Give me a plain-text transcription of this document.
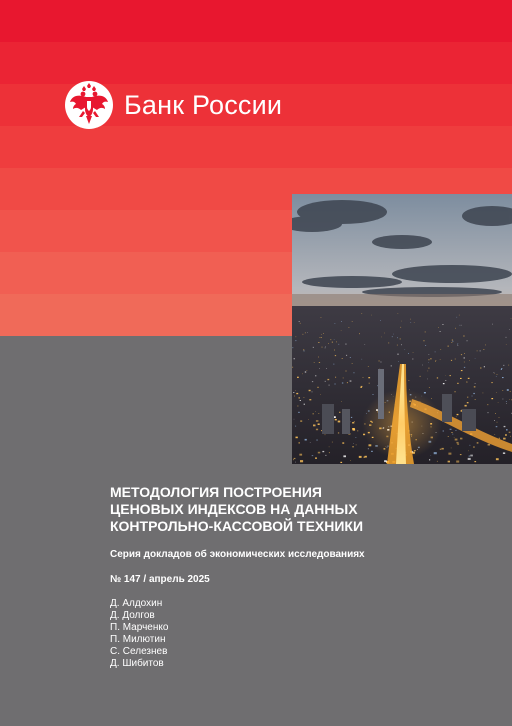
Банк России
МЕТОДОЛОГИЯ ПОСТРОЕНИЯ
ЦЕНОВЫХ ИНДЕКСОВ НА ДАННЫХ
КОНТРОЛЬНО-КАССОВОЙ ТЕХНИКИ
Серия докладов об экономических исследованиях
№ 147 / апрель 2025
Д. Алдохин
Д. Долгов
П. Марченко
П. Милютин
С. Селезнев
Д. Шибитов
